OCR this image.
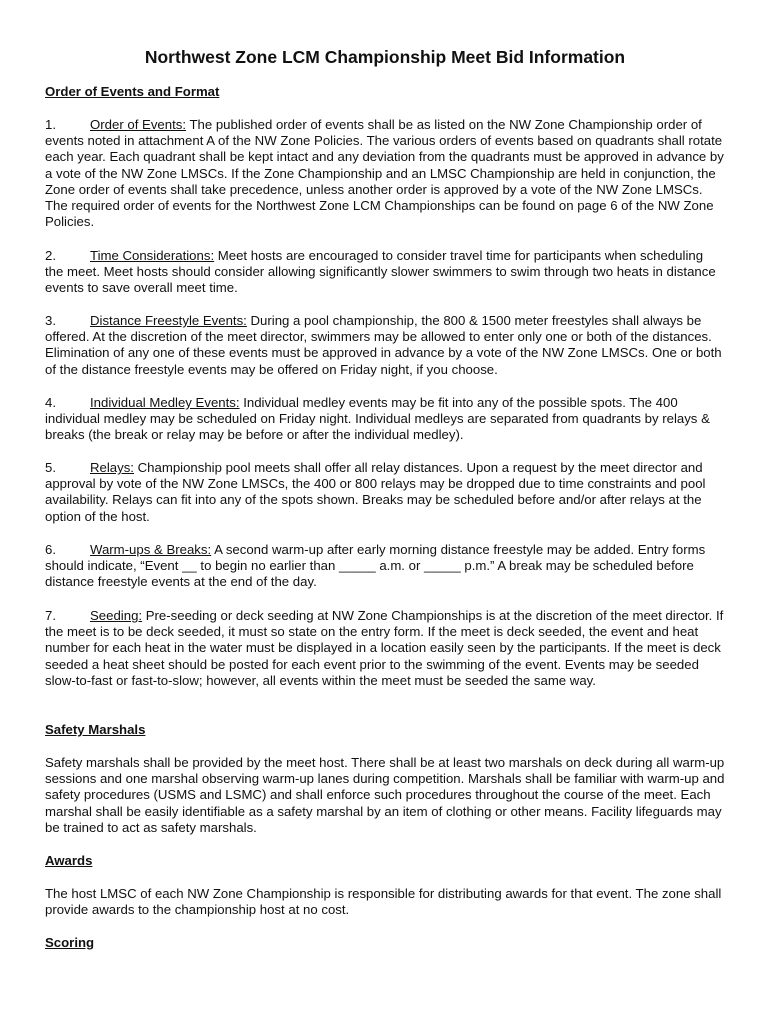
Northwest Zone LCM Championship Meet Bid Information
Order of Events and Format

1.	Order of Events: The published order of events shall be as listed on the NW Zone Championship order of events noted in attachment A of the NW Zone Policies. The various orders of events based on quadrants shall rotate each year. Each quadrant shall be kept intact and any deviation from the quadrants must be approved in advance by a vote of the NW Zone LMSCs. If the Zone Championship and an LMSC Championship are held in conjunction, the Zone order of events shall take precedence, unless another order is approved by a vote of the NW Zone LMSCs. The required order of events for the Northwest Zone LCM Championships can be found on page 6 of the NW Zone Policies.

2.	Time Considerations: Meet hosts are encouraged to consider travel time for participants when scheduling the meet. Meet hosts should consider allowing significantly slower swimmers to swim through two heats in distance events to save overall meet time.

3.	Distance Freestyle Events: During a pool championship, the 800 & 1500 meter freestyles shall always be offered. At the discretion of the meet director, swimmers may be allowed to enter only one or both of the distances. Elimination of any one of these events must be approved in advance by a vote of the NW Zone LMSCs. One or both of the distance freestyle events may be offered on Friday night, if you choose.

4.	Individual Medley Events: Individual medley events may be fit into any of the possible spots. The 400 individual medley may be scheduled on Friday night. Individual medleys are separated from quadrants by relays & breaks (the break or relay may be before or after the individual medley).

5.	Relays: Championship pool meets shall offer all relay distances. Upon a request by the meet director and approval by vote of the NW Zone LMSCs, the 400 or 800 relays may be dropped due to time constraints and pool availability. Relays can fit into any of the spots shown. Breaks may be scheduled before and/or after relays at the option of the host.

6.	Warm-ups & Breaks: A second warm-up after early morning distance freestyle may be added. Entry forms should indicate, “Event __ to begin no earlier than _____ a.m. or _____ p.m.” A break may be scheduled before distance freestyle events at the end of the day.

7.	Seeding: Pre-seeding or deck seeding at NW Zone Championships is at the discretion of the meet director. If the meet is to be deck seeded, it must so state on the entry form. If the meet is deck seeded, the event and heat number for each heat in the water must be displayed in a location easily seen by the participants. If the meet is deck seeded a heat sheet should be posted for each event prior to the swimming of the event. Events may be seeded slow-to-fast or fast-to-slow; however, all events within the meet must be seeded the same way.

Safety Marshals

Safety marshals shall be provided by the meet host. There shall be at least two marshals on deck during all warm-up sessions and one marshal observing warm-up lanes during competition. Marshals shall be familiar with warm-up and safety procedures (USMS and LSMC) and shall enforce such procedures throughout the course of the meet. Each marshal shall be easily identifiable as a safety marshal by an item of clothing or other means. Facility lifeguards may be trained to act as safety marshals.

Awards

The host LMSC of each NW Zone Championship is responsible for distributing awards for that event. The zone shall provide awards to the championship host at no cost.

Scoring
